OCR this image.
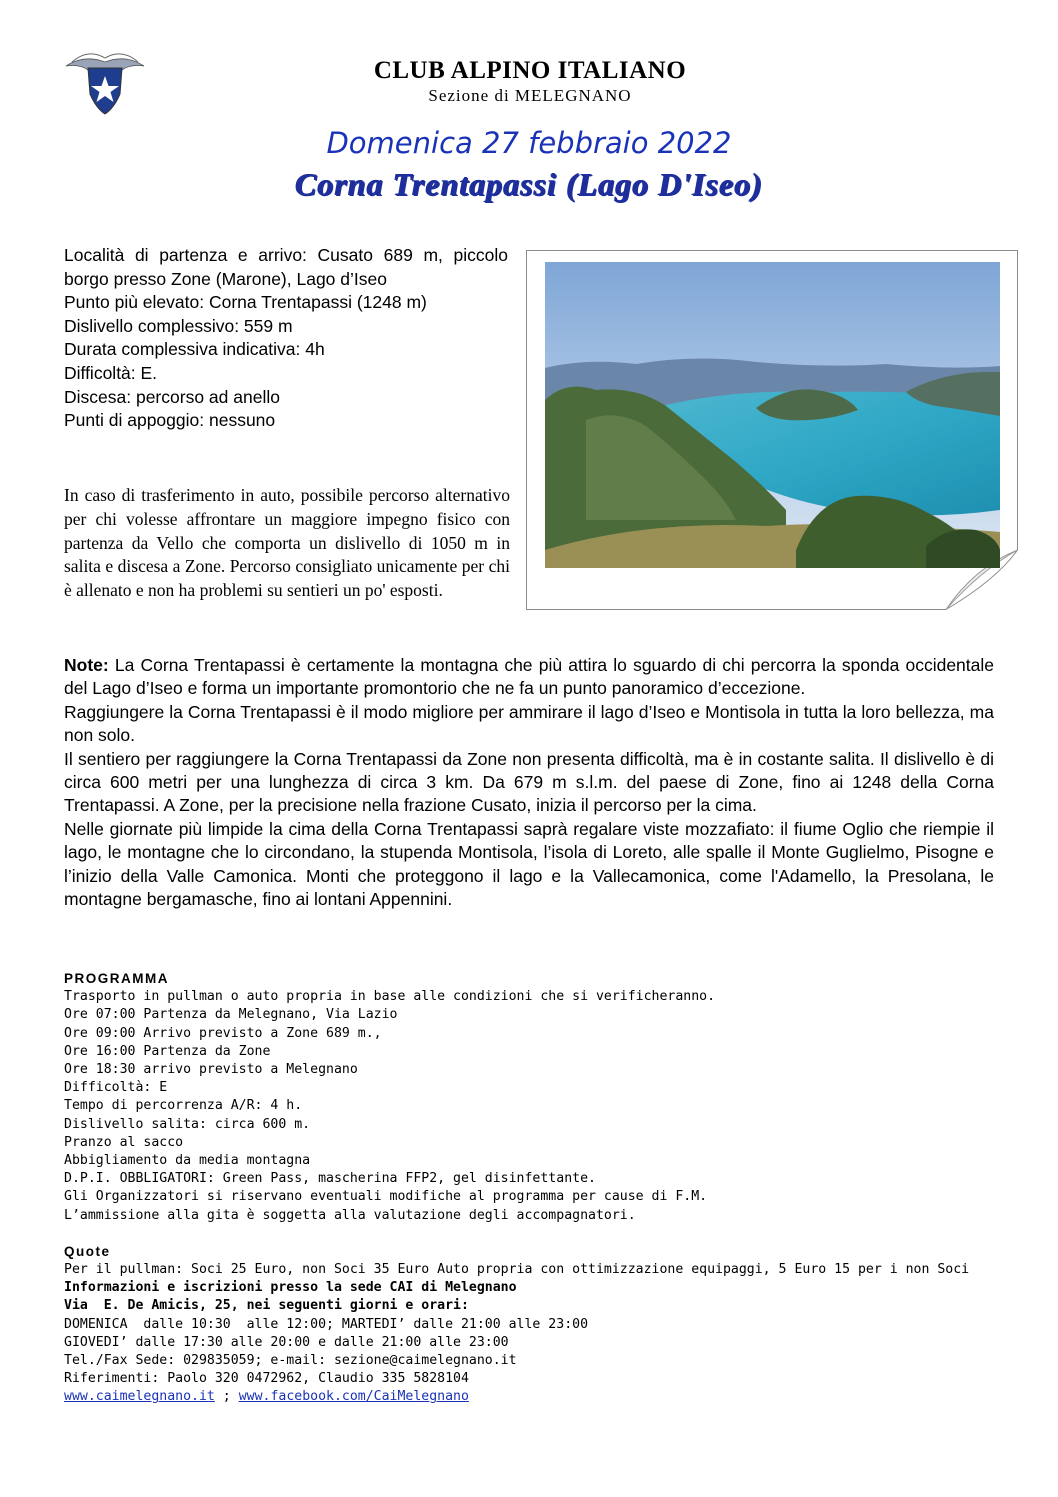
CLUB ALPINO ITALIANO
Sezione di MELEGNANO
Domenica 27 febbraio 2022
Corna Trentapassi (Lago D'Iseo)

Località di partenza e arrivo: Cusato 689 m, piccolo borgo presso Zone (Marone), Lago d’Iseo

Punto più elevato: Corna Trentapassi (1248 m)

Dislivello complessivo: 559 m

Durata complessiva indicativa: 4h

Difficoltà: E.

Discesa: percorso ad anello

Punti di appoggio: nessuno

In caso di trasferimento in auto, possibile percorso alternativo per chi volesse affrontare un maggiore impegno fisico con partenza da Vello che comporta un dislivello di 1050 m in salita e discesa a Zone. Percorso consigliato unicamente per chi è allenato e non ha problemi su sentieri un po' esposti.

Note: La Corna Trentapassi è certamente la montagna che più attira lo sguardo di chi percorra la sponda occidentale del Lago d’Iseo e forma un importante promontorio che ne fa un punto panoramico d’eccezione.

Raggiungere la Corna Trentapassi è il modo migliore per ammirare il lago d’Iseo e Montisola in tutta la loro bellezza, ma non solo.

Il sentiero per raggiungere la Corna Trentapassi da Zone non presenta difficoltà, ma è in costante salita. Il dislivello è di circa 600 metri per una lunghezza di circa 3 km. Da 679 m s.l.m. del paese di Zone, fino ai 1248 della Corna Trentapassi. A Zone, per la precisione nella frazione Cusato, inizia il percorso per la cima.

Nelle giornate più limpide la cima della Corna Trentapassi saprà regalare viste mozzafiato: il fiume Oglio che riempie il lago, le montagne che lo circondano, la stupenda Montisola, l’isola di Loreto, alle spalle il Monte Guglielmo, Pisogne e l’inizio della Valle Camonica. Monti che proteggono il lago e la Vallecamonica, come l'Adamello, la Presolana, le montagne bergamasche, fino ai lontani Appennini.

PROGRAMMA
Trasporto in pullman o auto propria in base alle condizioni che si verificheranno.
Ore 07:00 Partenza da Melegnano, Via Lazio
Ore 09:00 Arrivo previsto a Zone 689 m.,
Ore 16:00 Partenza da Zone
Ore 18:30 arrivo previsto a Melegnano
Difficoltà: E
Tempo di percorrenza A/R: 4 h.
Dislivello salita: circa 600 m.
Pranzo al sacco
Abbigliamento da media montagna
D.P.I. OBBLIGATORI: Green Pass, mascherina FFP2, gel disinfettante.
Gli Organizzatori si riservano eventuali modifiche al programma per cause di F.M.
L’ammissione alla gita è soggetta alla valutazione degli accompagnatori.
Quote
Per il pullman: Soci 25 Euro, non Soci 35 Euro Auto propria con ottimizzazione equipaggi, 5 Euro 15 per i non Soci
Informazioni e iscrizioni presso la sede CAI di Melegnano
Via  E. De Amicis, 25, nei seguenti giorni e orari:
DOMENICA  dalle 10:30  alle 12:00; MARTEDI’ dalle 21:00 alle 23:00
GIOVEDI’ dalle 17:30 alle 20:00 e dalle 21:00 alle 23:00
Tel./Fax Sede: 029835059; e-mail: sezione@caimelegnano.it
Riferimenti: Paolo 320 0472962, Claudio 335 5828104
www.caimelegnano.it ; www.facebook.com/CaiMelegnano
